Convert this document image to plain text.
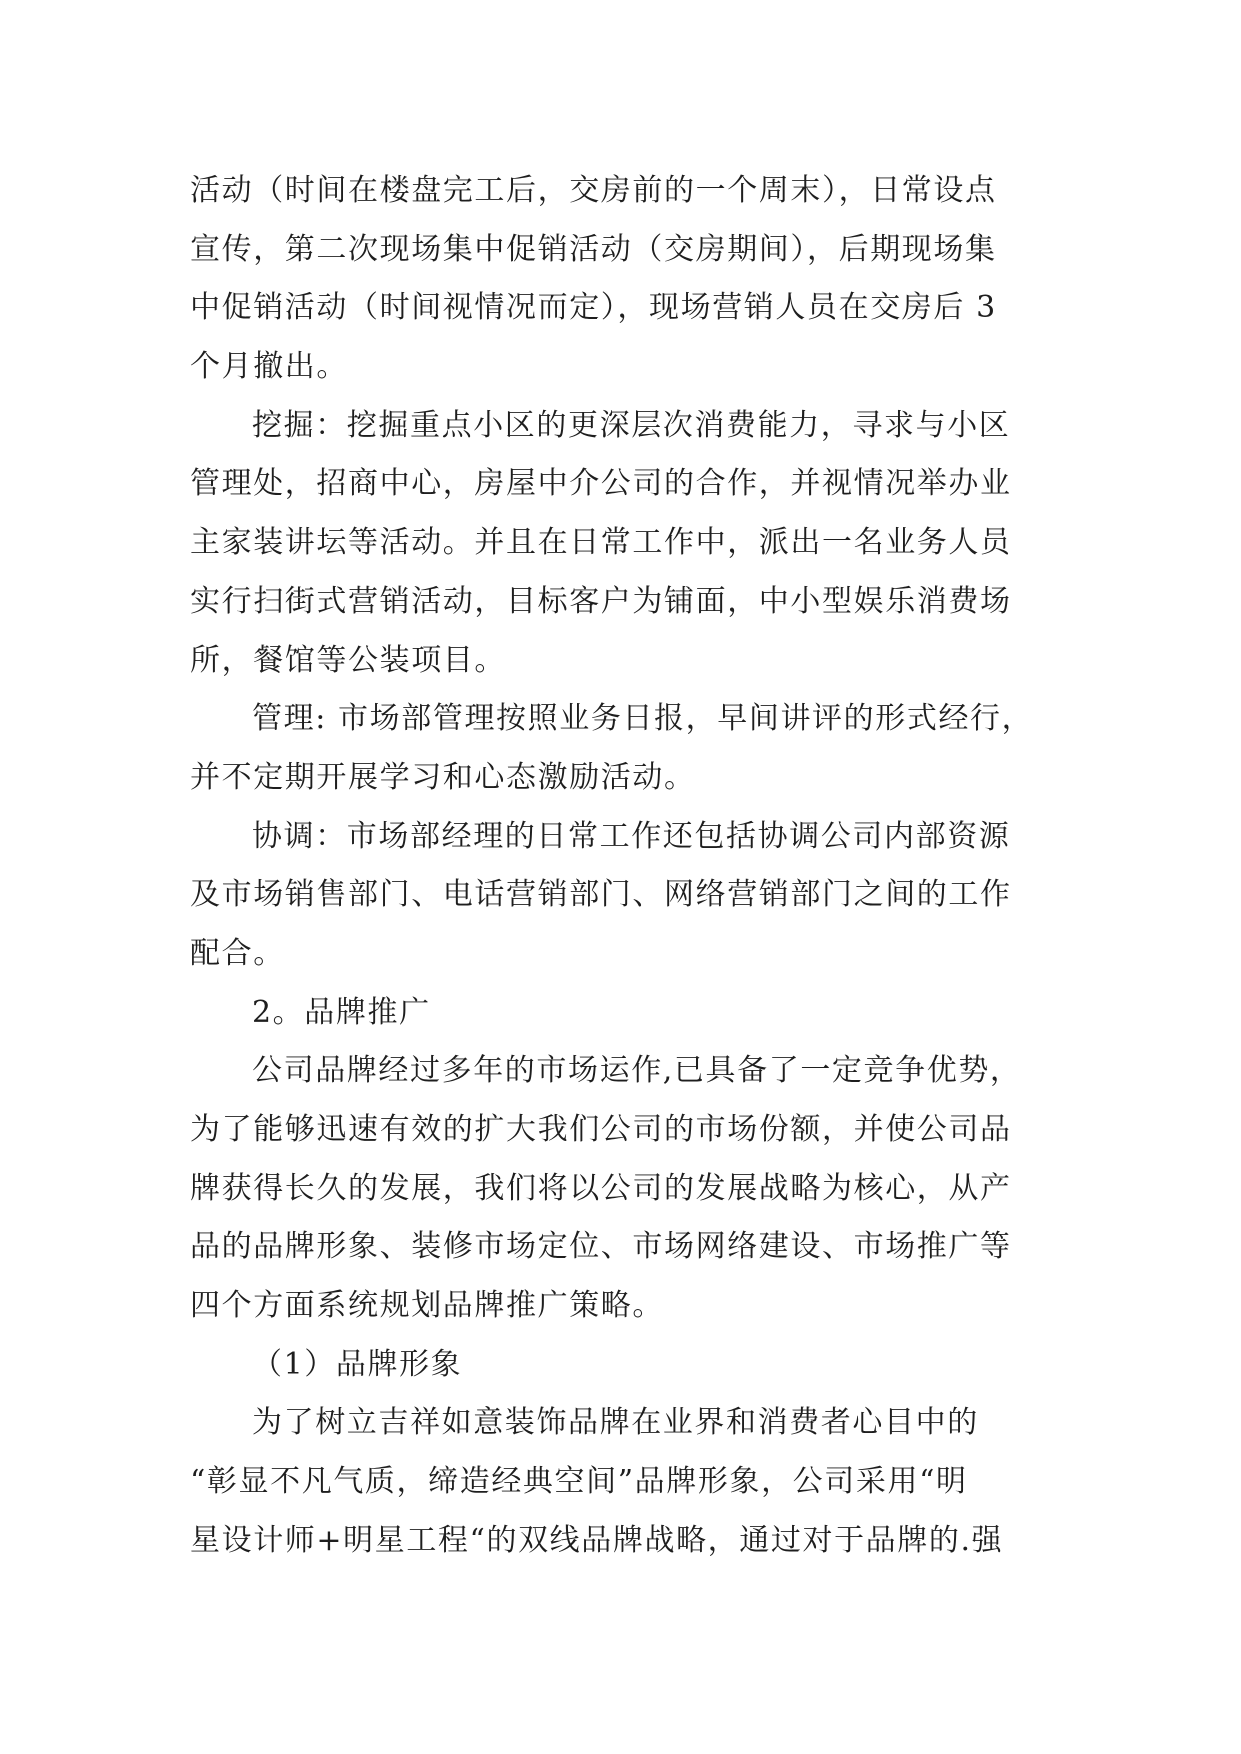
活动（时间在楼盘完工后，交房前的一个周末），日常设点
宣传，第二次现场集中促销活动（交房期间），后期现场集
中促销活动（时间视情况而定），现场营销人员在交房后 3
个月撤出。
挖掘：挖掘重点小区的更深层次消费能力，寻求与小区
管理处，招商中心，房屋中介公司的合作，并视情况举办业
主家装讲坛等活动。并且在日常工作中，派出一名业务人员
实行扫街式营销活动，目标客户为铺面，中小型娱乐消费场
所，餐馆等公装项目。
管理: 市场部管理按照业务日报，早间讲评的形式经行，
并不定期开展学习和心态激励活动。
协调：市场部经理的日常工作还包括协调公司内部资源
及市场销售部门、电话营销部门、网络营销部门之间的工作
配合。
2。品牌推广
公司品牌经过多年的市场运作,已具备了一定竞争优势，
为了能够迅速有效的扩大我们公司的市场份额，并使公司品
牌获得长久的发展，我们将以公司的发展战略为核心，从产
品的品牌形象、装修市场定位、市场网络建设、市场推广等
四个方面系统规划品牌推广策略。
（1）品牌形象
为了树立吉祥如意装饰品牌在业界和消费者心目中的
“彰显不凡气质，缔造经典空间”品牌形象，公司采用“明
星设计师+明星工程“的双线品牌战略，通过对于品牌的.强
